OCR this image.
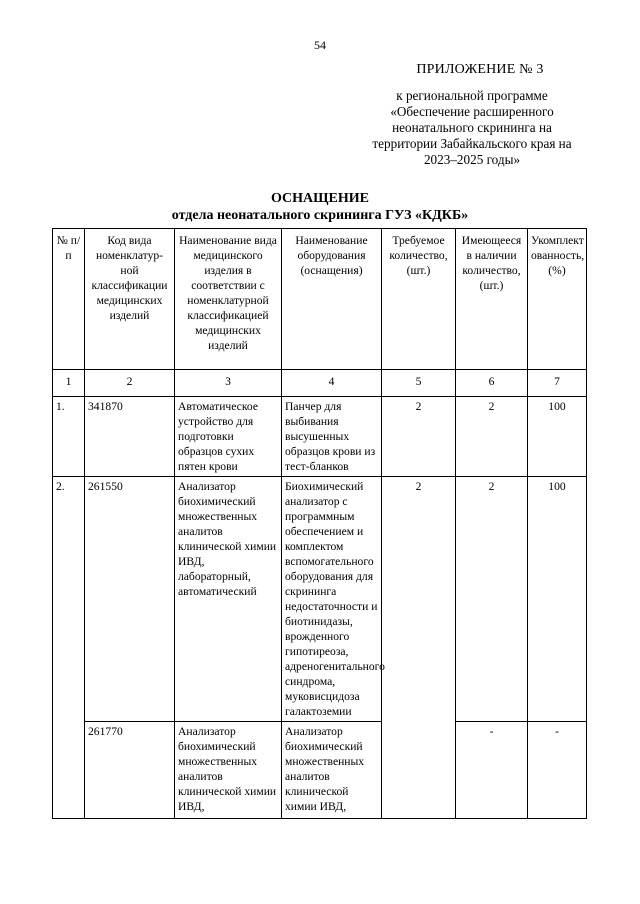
54
ПРИЛОЖЕНИЕ № 3
к региональной программе
«Обеспечение расширенного
неонатального скрининга на
территории Забайкальского края на
2023–2025 годы»
ОСНАЩЕНИЕ
отдела неонатального скрининга ГУЗ «КДКБ»
№ п/п	Код вида номенклатур-ной классификации медицинских изделий	Наименование вида медицинского изделия в соответствии с номенклатурной классификацией медицинских изделий	Наименование оборудования (оснащения)	Требуемое количество, (шт.)	Имеющееся в наличии количество, (шт.)	Укомплект ованность, (%)
1	2	3	4	5	6	7
1.	341870	Автоматическое устройство для подготовки образцов сухих пятен крови	Панчер для выбивания высушенных образцов крови из тест-бланков	2	2	100
2.	261550	Анализатор биохимический множественных аналитов клинической химии ИВД, лабораторный, автоматический	Биохимический анализатор с программным обеспечением и комплектом вспомогательного оборудования для скрининга недостаточности и биотинидазы, врожденного гипотиреоза, адреногенитального синдрома, муковисцидоза галактоземии	2	2	100
	261770	Анализатор биохимический множественных аналитов клинической химии ИВД,	Анализатор биохимический множественных аналитов клинической химии ИВД,		-	-
